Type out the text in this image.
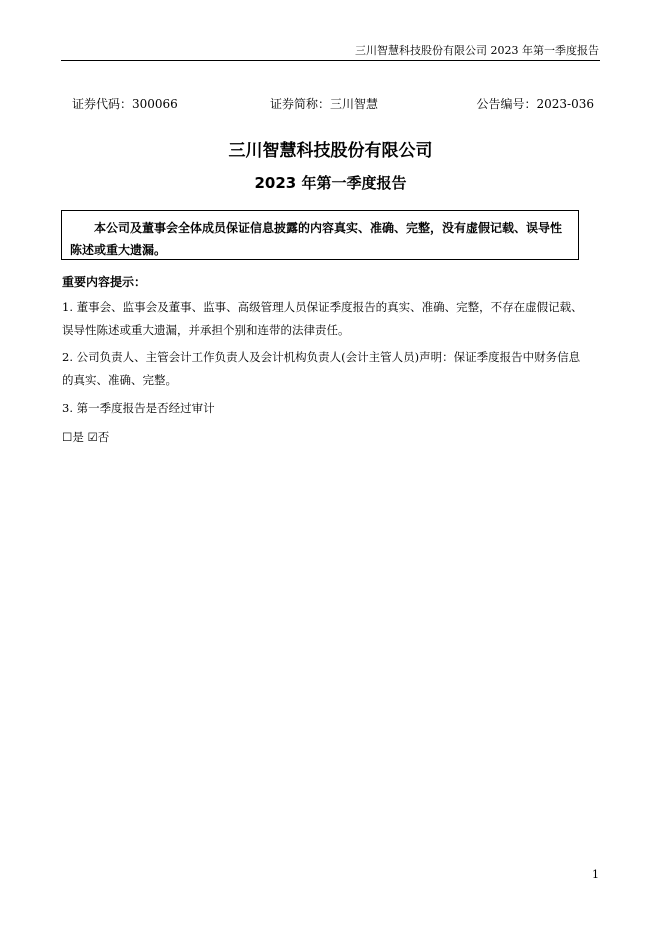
三川智慧科技股份有限公司 2023 年第一季度报告
证券代码：300066	证券简称：三川智慧	公告编号：2023-036
三川智慧科技股份有限公司
2023 年第一季度报告

本公司及董事会全体成员保证信息披露的内容真实、准确、完整，没有虚假记载、误导性陈述或重大遗漏。

重要内容提示：

1. 董事会、监事会及董事、监事、高级管理人员保证季度报告的真实、准确、完整，不存在虚假记载、误导性陈述或重大遗漏，并承担个别和连带的法律责任。

2. 公司负责人、主管会计工作负责人及会计机构负责人(会计主管人员)声明：保证季度报告中财务信息的真实、准确、完整。

3. 第一季度报告是否经过审计

☐是 ☑否
1
